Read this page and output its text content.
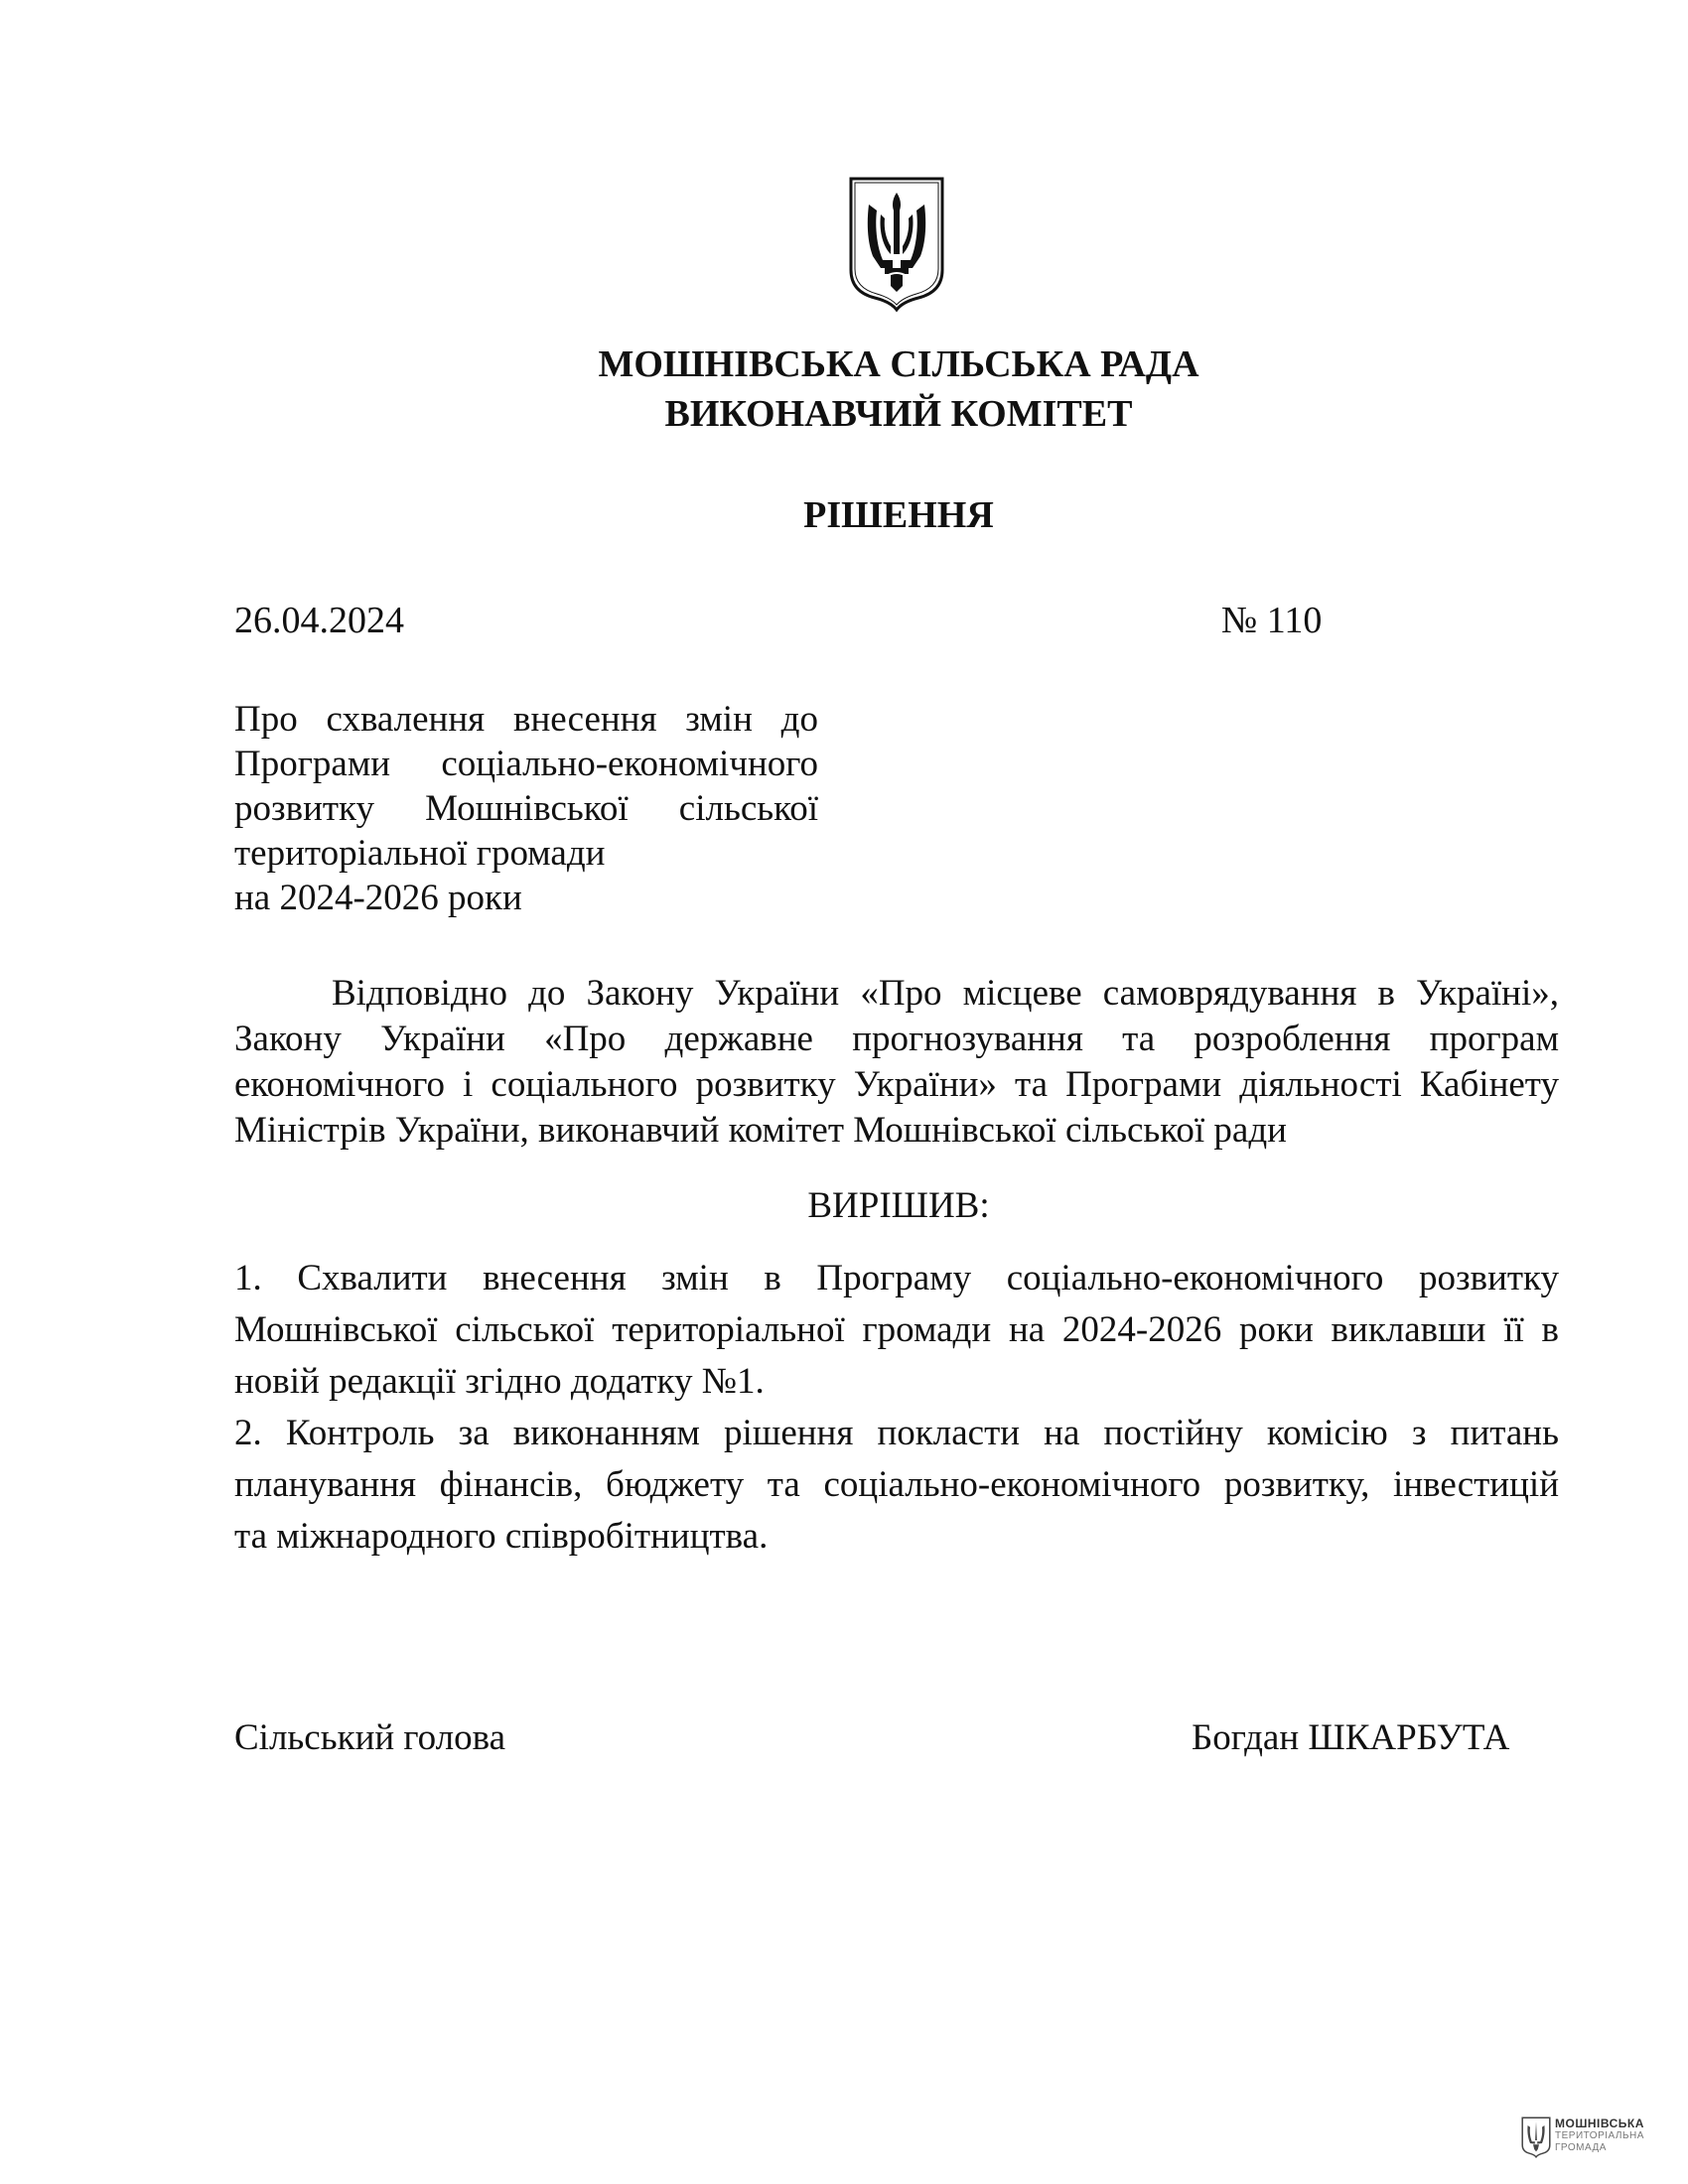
МОШНІВСЬКА СІЛЬСЬКА РАДА
ВИКОНАВЧИЙ КОМІТЕТ
РІШЕННЯ
26.04.2024	№ 110
Про схвалення внесення змін до
Програми соціально-економічного
розвитку Мошнівської сільської
територіальної громади
на 2024-2026 роки
Відповідно до Закону України «Про місцеве самоврядування в Україні»,
Закону України «Про державне прогнозування та розроблення програм
економічного і соціального розвитку України» та Програми діяльності Кабінету
Міністрів України, виконавчий комітет Мошнівської сільської ради
ВИРІШИВ:
1. Схвалити внесення змін в Програму соціально-економічного розвитку
Мошнівської сільської територіальної громади на 2024-2026 роки виклавши її в
новій редакції згідно додатку №1.
2. Контроль за виконанням рішення покласти на постійну комісію з питань
планування фінансів, бюджету та соціально-економічного розвитку, інвестицій
та міжнародного співробітництва.
Сільський голова	Богдан ШКАРБУТА
МОШНІВСЬКА
ТЕРИТОРІАЛЬНА
ГРОМАДА
